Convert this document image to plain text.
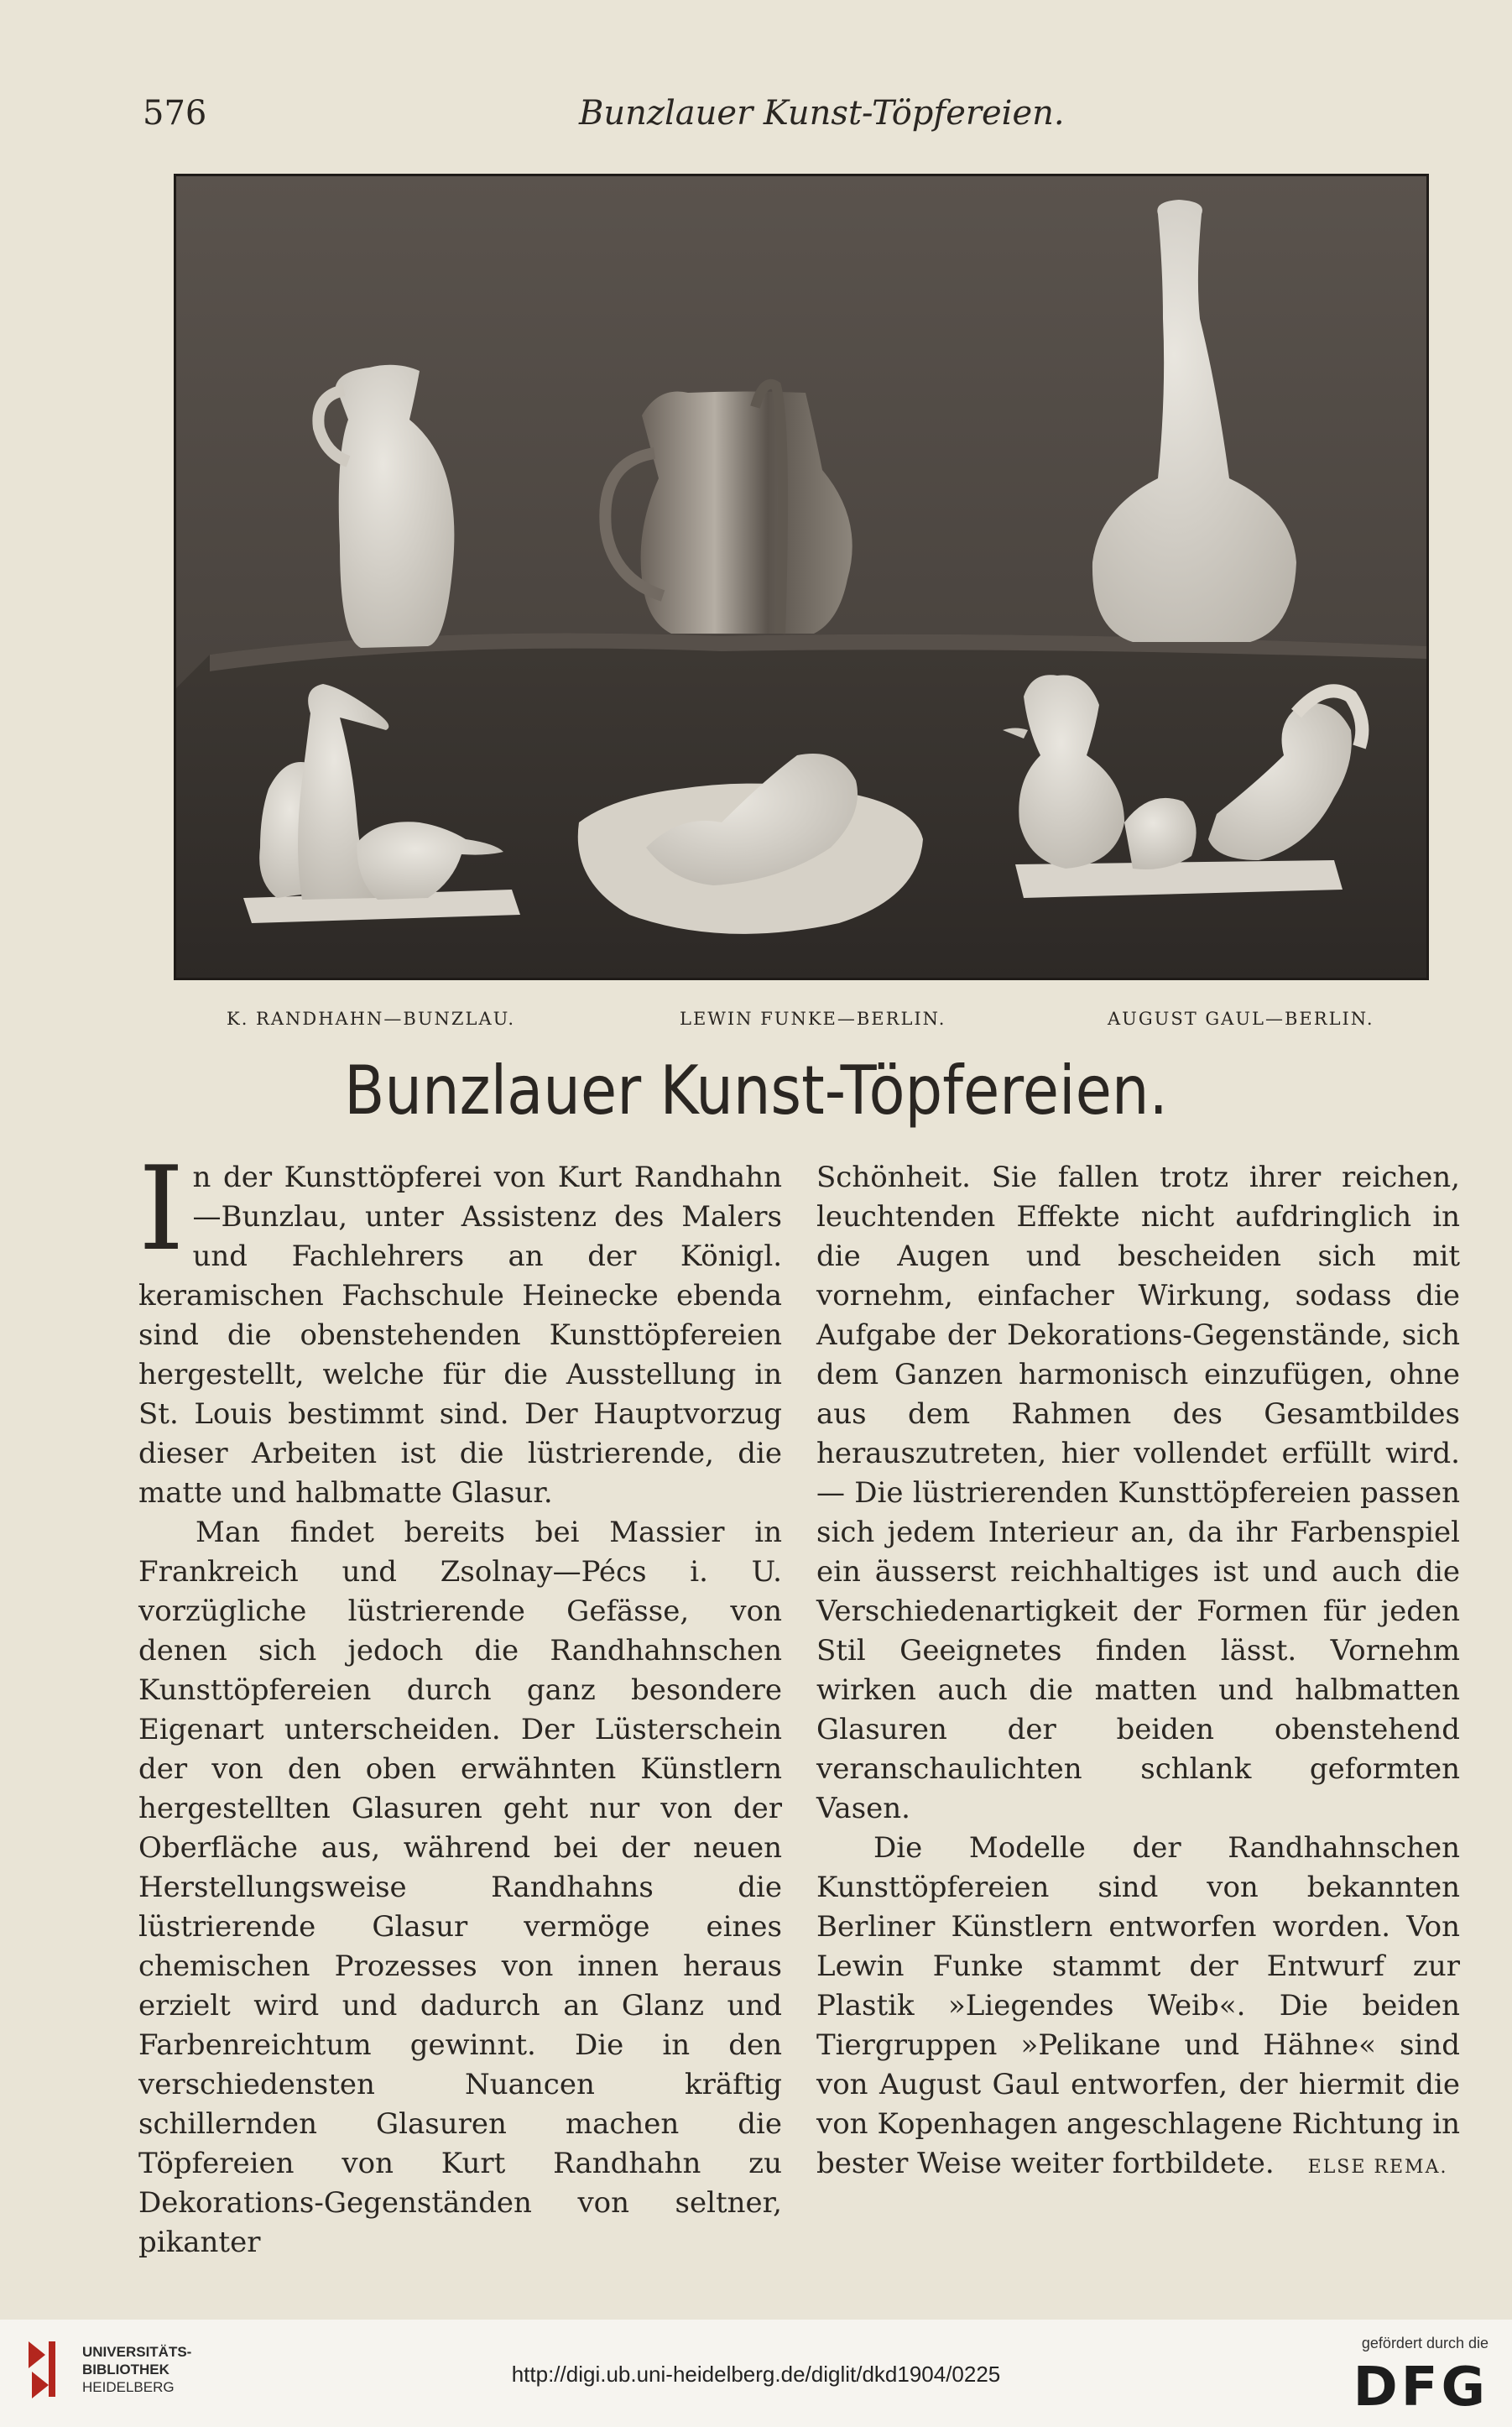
576	Bunzlauer Kunst-Töpfereien.
K. RANDHAHN—BUNZLAU.	LEWIN FUNKE—BERLIN.	AUGUST GAUL—BERLIN.
Bunzlauer Kunst-Töpfereien.

In der Kunsttöpferei von Kurt Randhahn —Bunzlau, unter Assistenz des Malers und Fachlehrers an der Königl. keramischen Fachschule Heinecke ebenda sind die obenstehenden Kunsttöpfereien hergestellt, welche für die Ausstellung in St. Louis bestimmt sind. Der Hauptvorzug dieser Arbeiten ist die lüstrierende, die matte und halbmatte Glasur.

Man findet bereits bei Massier in Frankreich und Zsolnay—Pécs i. U. vorzügliche lüstrierende Gefässe, von denen sich jedoch die Randhahnschen Kunsttöpfereien durch ganz besondere Eigenart unterscheiden. Der Lüsterschein der von den oben erwähnten Künstlern hergestellten Glasuren geht nur von der Oberfläche aus, während bei der neuen Herstellungsweise Randhahns die lüstrierende Glasur vermöge eines chemischen Prozesses von innen heraus erzielt wird und dadurch an Glanz und Farbenreichtum gewinnt. Die in den verschiedensten Nuancen kräftig schillernden Glasuren machen die Töpfereien von Kurt Randhahn zu Dekorations-Gegenständen von seltner, pikanter

Schönheit. Sie fallen trotz ihrer reichen, leuchtenden Effekte nicht aufdringlich in die Augen und bescheiden sich mit vornehm, einfacher Wirkung, sodass die Aufgabe der Dekorations-Gegenstände, sich dem Ganzen harmonisch einzufügen, ohne aus dem Rahmen des Gesamtbildes herauszutreten, hier vollendet erfüllt wird. — Die lüstrierenden Kunsttöpfereien passen sich jedem Interieur an, da ihr Farbenspiel ein äusserst reichhaltiges ist und auch die Verschiedenartigkeit der Formen für jeden Stil Geeignetes finden lässt. Vornehm wirken auch die matten und halbmatten Glasuren der beiden obenstehend veranschaulichten schlank geformten Vasen.

Die Modelle der Randhahnschen Kunsttöpfereien sind von bekannten Berliner Künstlern entworfen worden. Von Lewin Funke stammt der Entwurf zur Plastik »Liegendes Weib«. Die beiden Tiergruppen »Pelikane und Hähne« sind von August Gaul entworfen, der hiermit die von Kopenhagen angeschlagene Richtung in bester Weise weiter fortbildete. ELSE REMA.

UNIVERSITÄTS-
BIBLIOTHEK
HEIDELBERG
http://digi.ub.uni-heidelberg.de/diglit/dkd1904/0225
gefördert durch die
DFG
